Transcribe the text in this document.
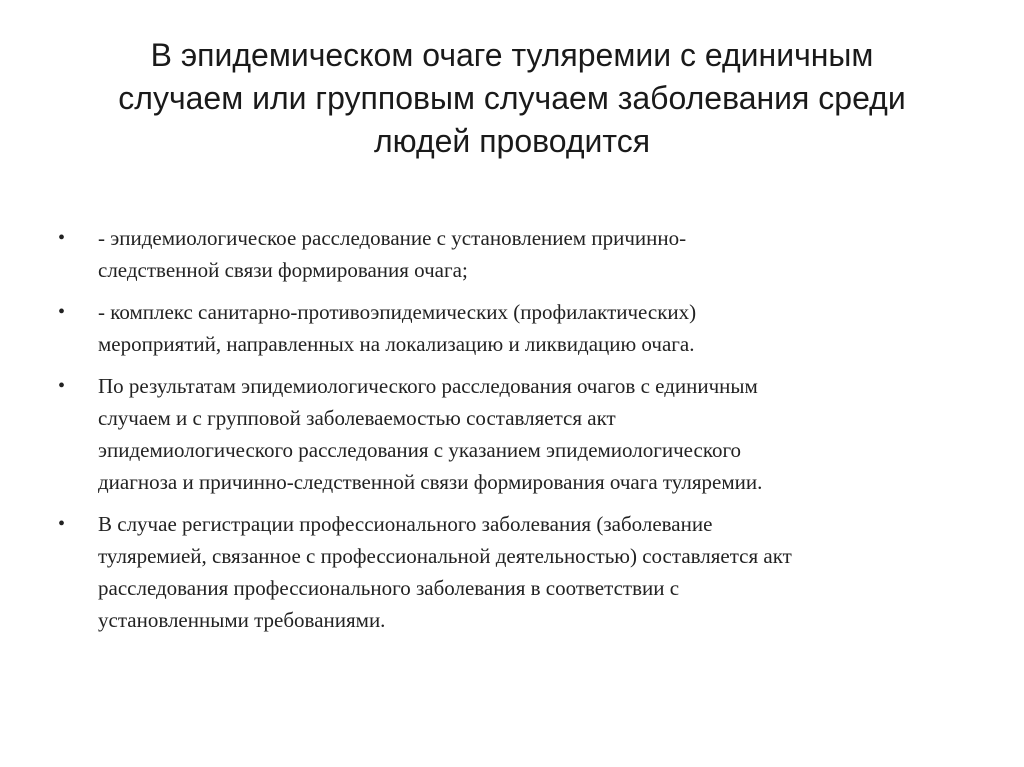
В эпидемическом очаге туляремии с единичным
случаем или групповым случаем заболевания среди
людей проводится
• - эпидемиологическое расследование с установлением причинно-
следственной связи формирования очага;
• - комплекс санитарно-противоэпидемических (профилактических)
мероприятий, направленных на локализацию и ликвидацию очага.
• По результатам эпидемиологического расследования очагов с единичным
случаем и с групповой заболеваемостью составляется акт
эпидемиологического расследования с указанием эпидемиологического
диагноза и причинно-следственной связи формирования очага туляремии.
• В случае регистрации профессионального заболевания (заболевание
туляремией, связанное с профессиональной деятельностью) составляется акт
расследования профессионального заболевания в соответствии с
установленными требованиями.
